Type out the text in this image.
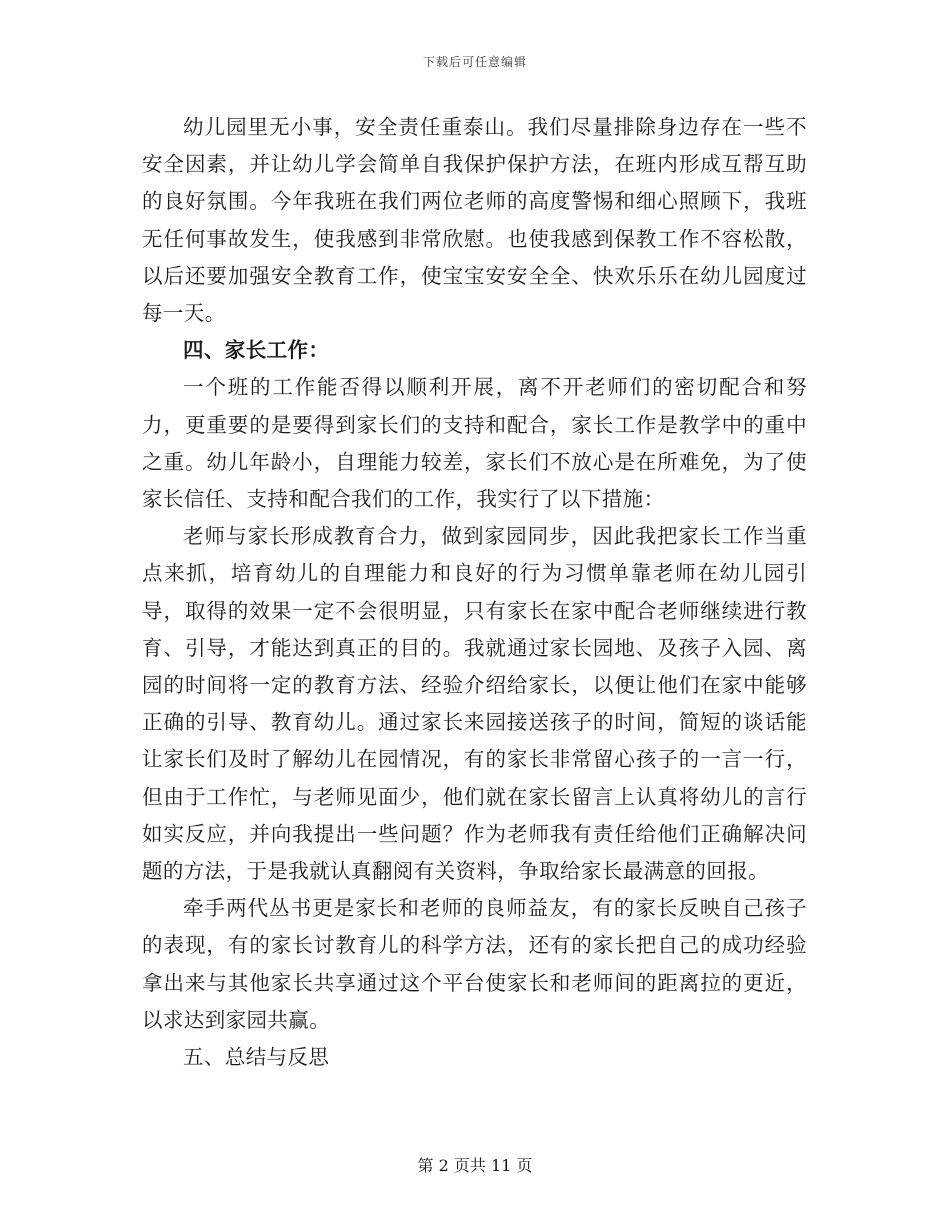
下载后可任意编辑

幼儿园里无小事，安全责任重泰山。我们尽量排除身边存在一些不安全因素，并让幼儿学会简单自我保护保护方法，在班内形成互帮互助的良好氛围。今年我班在我们两位老师的高度警惕和细心照顾下，我班无任何事故发生，使我感到非常欣慰。也使我感到保教工作不容松散，以后还要加强安全教育工作，使宝宝安安全全、快欢乐乐在幼儿园度过每一天。

四、家长工作：

一个班的工作能否得以顺利开展，离不开老师们的密切配合和努力，更重要的是要得到家长们的支持和配合，家长工作是教学中的重中之重。幼儿年龄小，自理能力较差，家长们不放心是在所难免，为了使家长信任、支持和配合我们的工作，我实行了以下措施：

老师与家长形成教育合力，做到家园同步，因此我把家长工作当重点来抓，培育幼儿的自理能力和良好的行为习惯单靠老师在幼儿园引导，取得的效果一定不会很明显，只有家长在家中配合老师继续进行教育、引导，才能达到真正的目的。我就通过家长园地、及孩子入园、离园的时间将一定的教育方法、经验介绍给家长，以便让他们在家中能够正确的引导、教育幼儿。通过家长来园接送孩子的时间，简短的谈话能让家长们及时了解幼儿在园情况，有的家长非常留心孩子的一言一行，但由于工作忙，与老师见面少，他们就在家长留言上认真将幼儿的言行如实反应，并向我提出一些问题？作为老师我有责任给他们正确解决问题的方法，于是我就认真翻阅有关资料，争取给家长最满意的回报。

牵手两代丛书更是家长和老师的良师益友，有的家长反映自己孩子的表现，有的家长讨教育儿的科学方法，还有的家长把自己的成功经验拿出来与其他家长共享通过这个平台使家长和老师间的距离拉的更近，以求达到家园共赢。

五、总结与反思

第 2 页共 11 页
